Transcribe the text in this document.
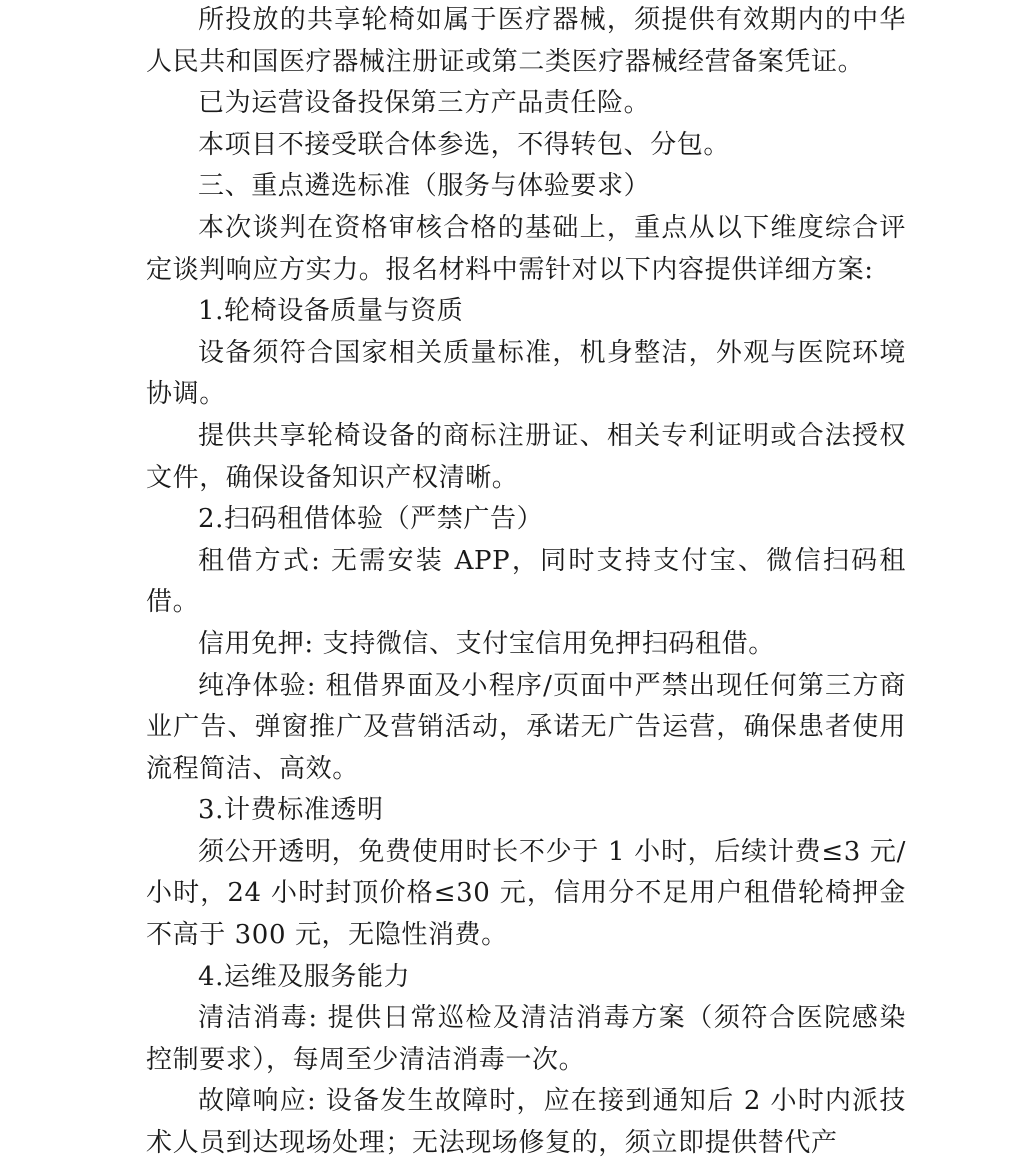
所投放的共享轮椅如属于医疗器械，须提供有效期内的中华人民共和国医疗器械注册证或第二类医疗器械经营备案凭证。

已为运营设备投保第三方产品责任险。

本项目不接受联合体参选，不得转包、分包。

三、重点遴选标准（服务与体验要求）

本次谈判在资格审核合格的基础上，重点从以下维度综合评定谈判响应方实力。报名材料中需针对以下内容提供详细方案:

1.轮椅设备质量与资质

设备须符合国家相关质量标准，机身整洁，外观与医院环境协调。

提供共享轮椅设备的商标注册证、相关专利证明或合法授权文件，确保设备知识产权清晰。

2.扫码租借体验（严禁广告）

租借方式: 无需安装 APP，同时支持支付宝、微信扫码租借。

信用免押: 支持微信、支付宝信用免押扫码租借。

纯净体验: 租借界面及小程序/页面中严禁出现任何第三方商业广告、弹窗推广及营销活动，承诺无广告运营，确保患者使用流程简洁、高效。

3.计费标准透明

须公开透明，免费使用时长不少于 1 小时，后续计费≤3 元/小时，24 小时封顶价格≤30 元，信用分不足用户租借轮椅押金不高于 300 元，无隐性消费。

4.运维及服务能力

清洁消毒: 提供日常巡检及清洁消毒方案（须符合医院感染控制要求），每周至少清洁消毒一次。

故障响应: 设备发生故障时，应在接到通知后 2 小时内派技术人员到达现场处理；无法现场修复的，须立即提供替代产
